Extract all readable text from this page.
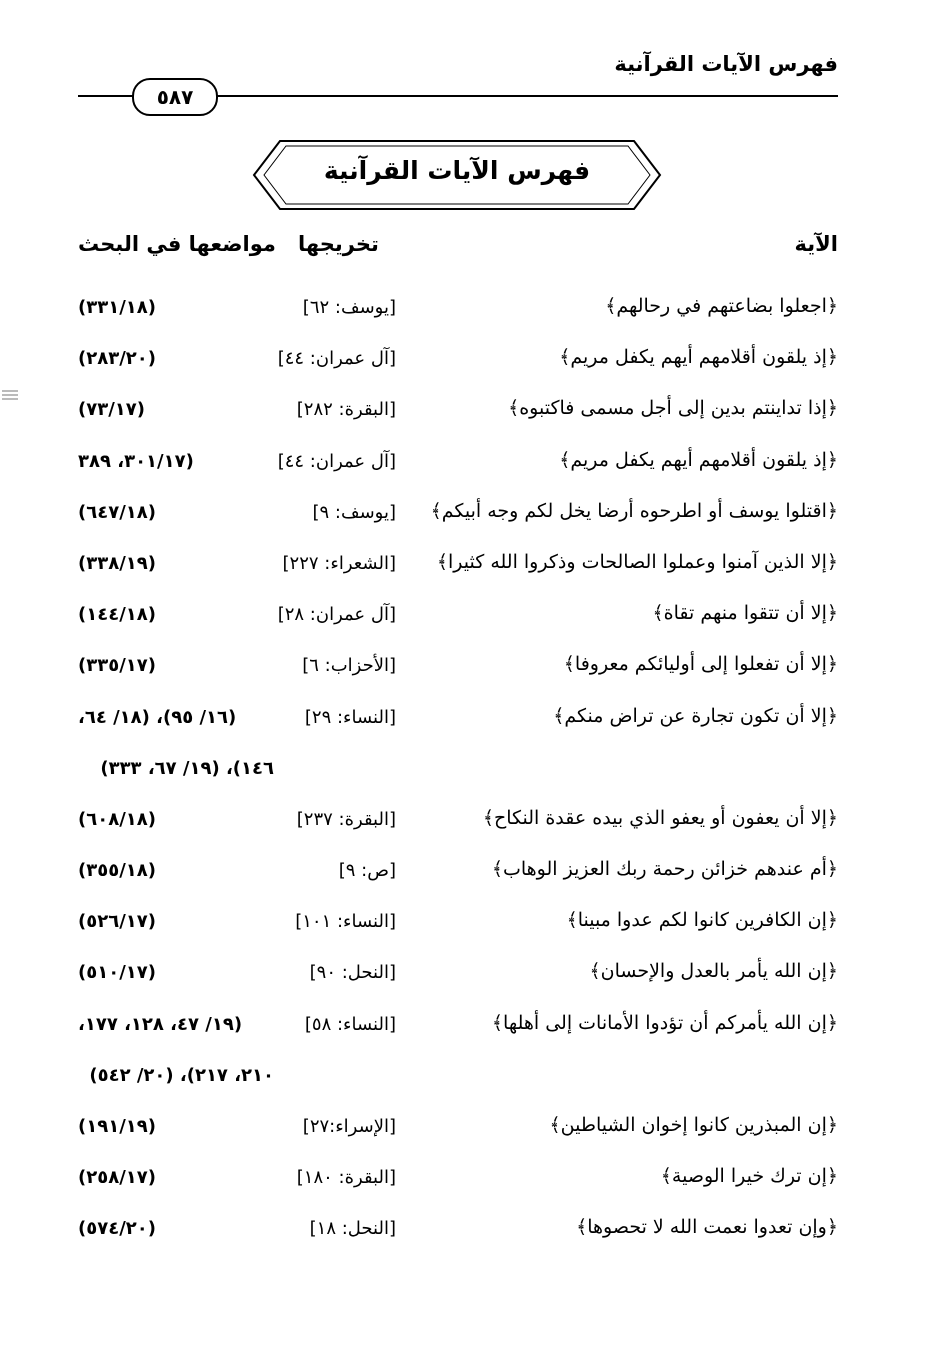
فهرس الآيات القرآنية
٥٨٧
فهرس الآيات القرآنية
الآية
تخريجها
مواضعها في البحث
﴿اجعلوا بضاعتهم في رحالهم﴾
[يوسف: ٦٢]
(٣٣١/١٨)
﴿إذ يلقون أقلامهم أيهم يكفل مريم﴾
[آل عمران: ٤٤]
(٢٨٣/٢٠)
﴿إذا تداينتم بدين إلى أجل مسمى فاكتبوه﴾
[البقرة: ٢٨٢]
(٧٣/١٧)
﴿إذ يلقون أقلامهم أيهم يكفل مريم﴾
[آل عمران: ٤٤]
(٣٠١/١٧، ٣٨٩
﴿اقتلوا يوسف أو اطرحوه أرضا يخل لكم وجه أبيكم﴾
[يوسف: ٩]
(٦٤٧/١٨)
﴿إلا الذين آمنوا وعملوا الصالحات وذكروا الله كثيرا﴾
[الشعراء: ٢٢٧]
(٣٣٨/١٩)
﴿إلا أن تتقوا منهم تقاة﴾
[آل عمران: ٢٨]
(١٤٤/١٨)
﴿إلا أن تفعلوا إلى أوليائكم معروفا﴾
[الأحزاب: ٦]
(٣٣٥/١٧)
﴿إلا أن تكون تجارة عن تراض منكم﴾
[النساء: ٢٩]
(١٦/ ٩٥)، (١٨/ ٦٤،
١٤٦)، (١٩/ ٦٧، ٣٣٣)
﴿إلا أن يعفون أو يعفو الذي بيده عقدة النكاح﴾
[البقرة: ٢٣٧]
(٦٠٨/١٨)
﴿أم عندهم خزائن رحمة ربك العزيز الوهاب﴾
[ص: ٩]
(٣٥٥/١٨)
﴿إن الكافرين كانوا لكم عدوا مبينا﴾
[النساء: ١٠١]
(٥٢٦/١٧)
﴿إن الله يأمر بالعدل والإحسان﴾
[النحل: ٩٠]
(٥١٠/١٧)
﴿إن الله يأمركم أن تؤدوا الأمانات إلى أهلها﴾
[النساء: ٥٨]
(١٩/ ٤٧، ١٢٨، ١٧٧،
٢١٠، ٢١٧)، (٢٠/ ٥٤٢)
﴿إن المبذرين كانوا إخوان الشياطين﴾
[الإسراء:٢٧]
(١٩١/١٩)
﴿إن ترك خيرا الوصية﴾
[البقرة: ١٨٠]
(٢٥٨/١٧)
﴿وإن تعدوا نعمت الله لا تحصوها﴾
[النحل: ١٨]
(٥٧٤/٢٠)
